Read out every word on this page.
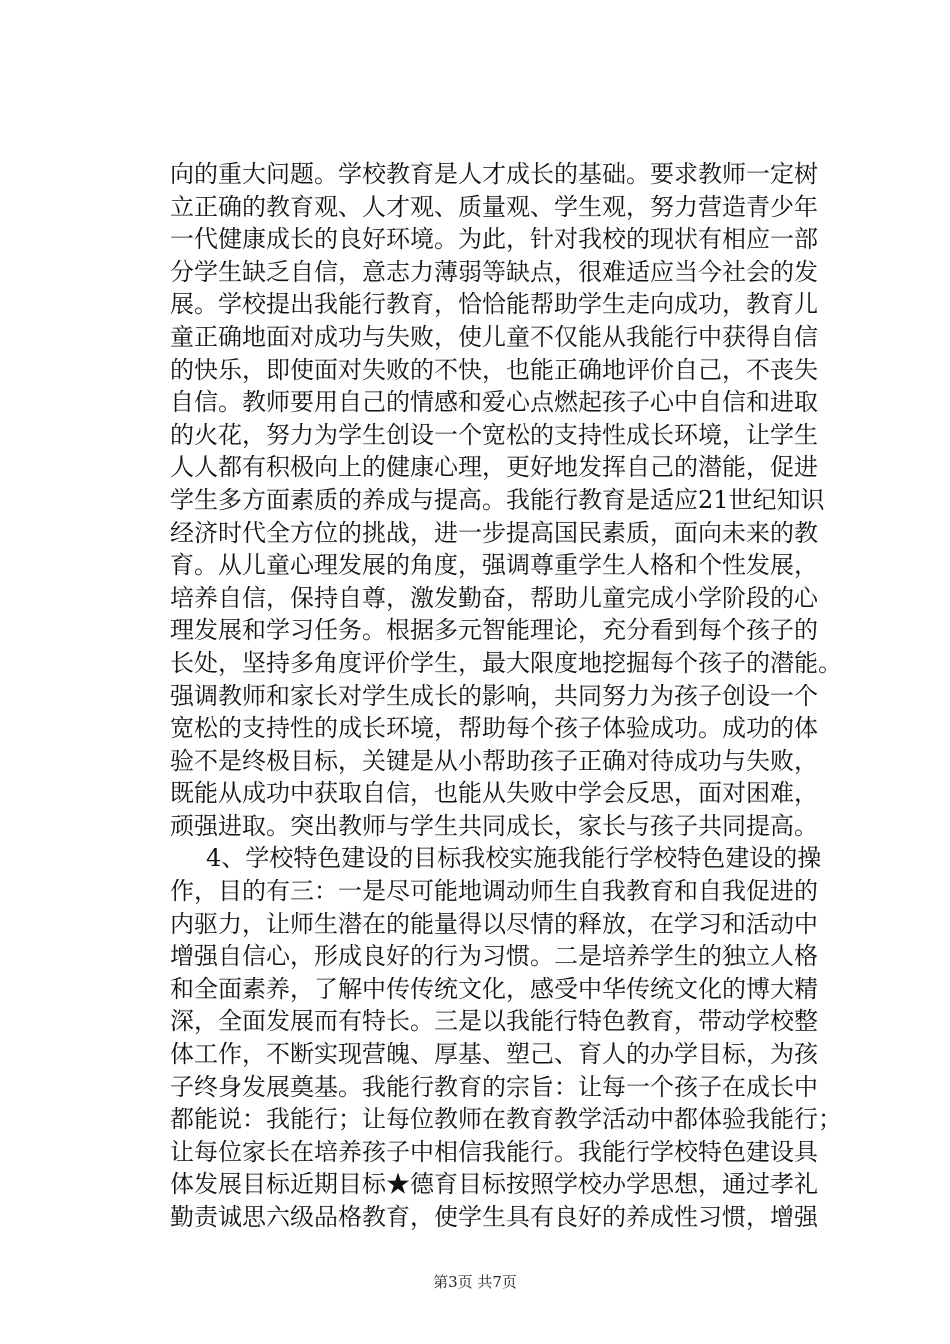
向的重大问题。学校教育是人才成长的基础。要求教师一定树
立正确的教育观、人才观、质量观、学生观，努力营造青少年
一代健康成长的良好环境。为此，针对我校的现状有相应一部
分学生缺乏自信，意志力薄弱等缺点，很难适应当今社会的发
展。学校提出我能行教育，恰恰能帮助学生走向成功，教育儿
童正确地面对成功与失败，使儿童不仅能从我能行中获得自信
的快乐，即使面对失败的不快，也能正确地评价自己，不丧失
自信。教师要用自己的情感和爱心点燃起孩子心中自信和进取
的火花，努力为学生创设一个宽松的支持性成长环境，让学生
人人都有积极向上的健康心理，更好地发挥自己的潜能，促进
学生多方面素质的养成与提高。我能行教育是适应21世纪知识
经济时代全方位的挑战，进一步提高国民素质，面向未来的教
育。从儿童心理发展的角度，强调尊重学生人格和个性发展，
培养自信，保持自尊，激发勤奋，帮助儿童完成小学阶段的心
理发展和学习任务。根据多元智能理论，充分看到每个孩子的
长处，坚持多角度评价学生，最大限度地挖掘每个孩子的潜能。
强调教师和家长对学生成长的影响，共同努力为孩子创设一个
宽松的支持性的成长环境，帮助每个孩子体验成功。成功的体
验不是终极目标，关键是从小帮助孩子正确对待成功与失败，
既能从成功中获取自信，也能从失败中学会反思，面对困难，
顽强进取。突出教师与学生共同成长，家长与孩子共同提高。
4、学校特色建设的目标我校实施我能行学校特色建设的操
作，目的有三：一是尽可能地调动师生自我教育和自我促进的
内驱力，让师生潜在的能量得以尽情的释放，在学习和活动中
增强自信心，形成良好的行为习惯。二是培养学生的独立人格
和全面素养，了解中传传统文化，感受中华传统文化的博大精
深，全面发展而有特长。三是以我能行特色教育，带动学校整
体工作，不断实现营魄、厚基、塑己、育人的办学目标，为孩
子终身发展奠基。我能行教育的宗旨：让每一个孩子在成长中
都能说：我能行；让每位教师在教育教学活动中都体验我能行；
让每位家长在培养孩子中相信我能行。我能行学校特色建设具
体发展目标近期目标★德育目标按照学校办学思想，通过孝礼
勤责诚思六级品格教育，使学生具有良好的养成性习惯，增强
第3页 共7页
